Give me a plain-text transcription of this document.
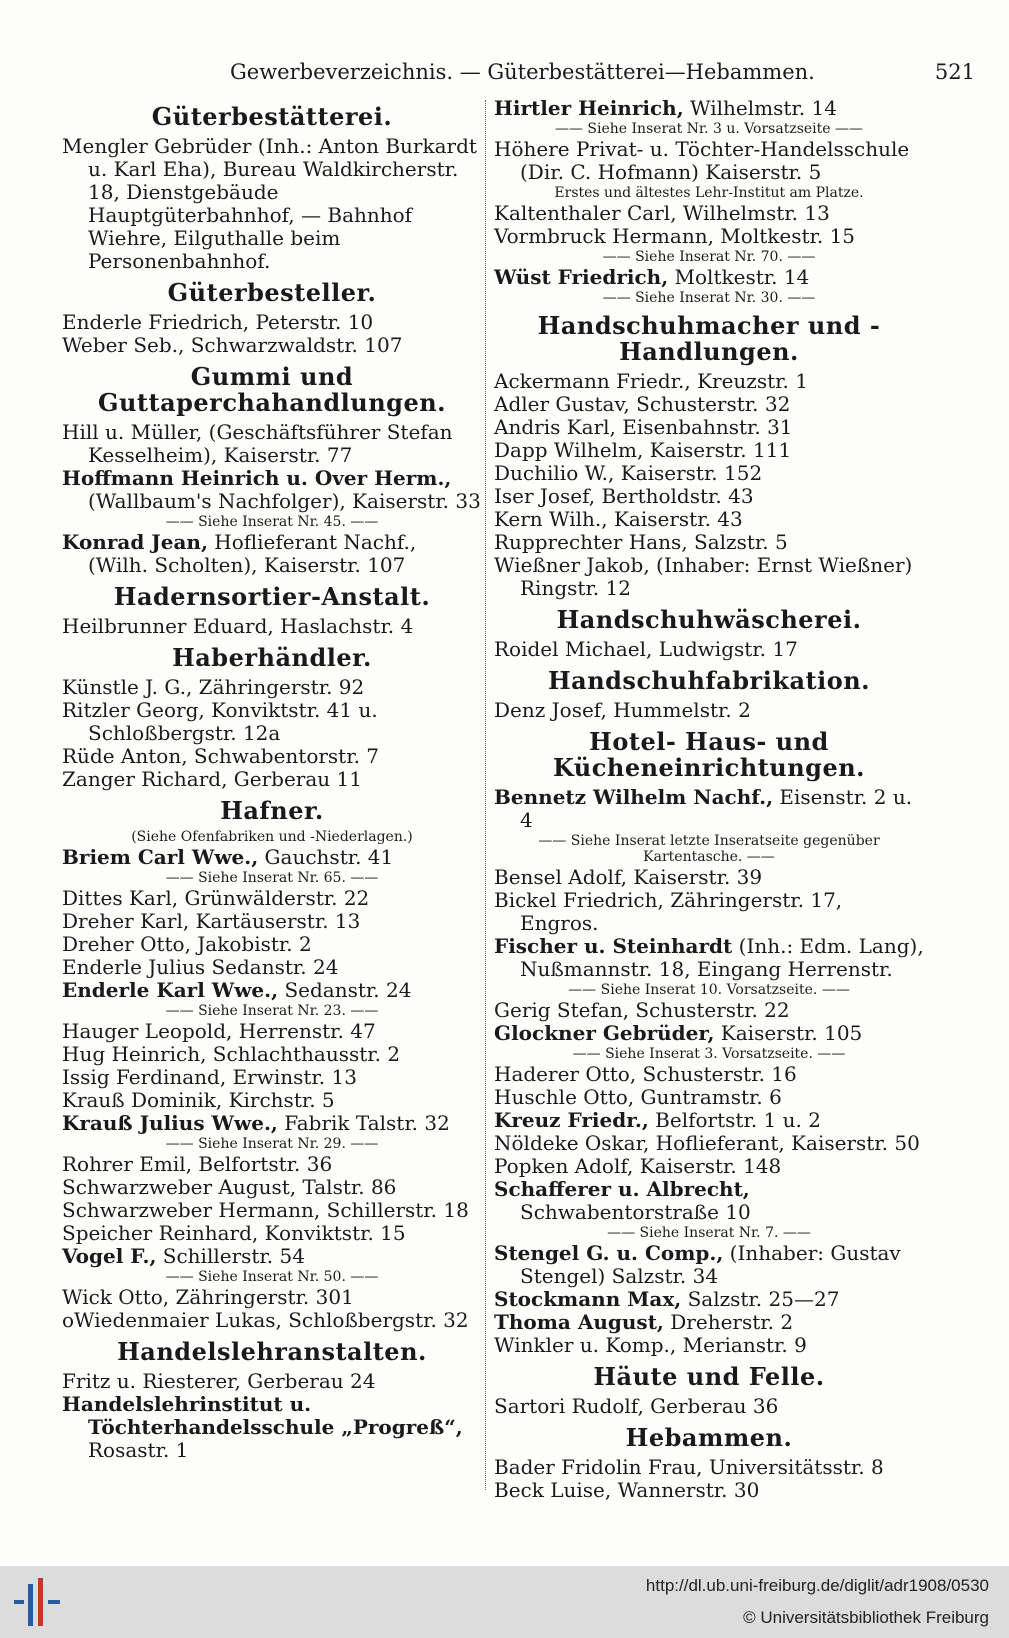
Gewerbeverzeichnis. — Güterbestätterei—Hebammen.	521
Güterbestätterei.
Mengler Gebrüder (Inh.: Anton Burkardt u. Karl Eha), Bureau Waldkircherstr. 18, Dienstgebäude Hauptgüterbahnhof, — Bahnhof Wiehre, Eilguthalle beim Personenbahnhof.
Güterbesteller.
Enderle Friedrich, Peterstr. 10
Weber Seb., Schwarzwaldstr. 107
Gummi und Guttaperchahandlungen.
Hill u. Müller, (Geschäftsführer Stefan Kesselheim), Kaiserstr. 77
Hoffmann Heinrich u. Over Herm., (Wallbaum's Nachfolger), Kaiserstr. 33
—— Siehe Inserat Nr. 45. ——
Konrad Jean, Hoflieferant Nachf., (Wilh. Scholten), Kaiserstr. 107
Hadernsortier-Anstalt.
Heilbrunner Eduard, Haslachstr. 4
Haberhändler.
Künstle J. G., Zähringerstr. 92
Ritzler Georg, Konviktstr. 41 u. Schloßbergstr. 12a
Rüde Anton, Schwabentorstr. 7
Zanger Richard, Gerberau 11
Hafner.
(Siehe Ofenfabriken und -Niederlagen.)
Briem Carl Wwe., Gauchstr. 41
—— Siehe Inserat Nr. 65. ——
Dittes Karl, Grünwälderstr. 22
Dreher Karl, Kartäuserstr. 13
Dreher Otto, Jakobistr. 2
Enderle Julius Sedanstr. 24
Enderle Karl Wwe., Sedanstr. 24
—— Siehe Inserat Nr. 23. ——
Hauger Leopold, Herrenstr. 47
Hug Heinrich, Schlachthausstr. 2
Issig Ferdinand, Erwinstr. 13
Krauß Dominik, Kirchstr. 5
Krauß Julius Wwe., Fabrik Talstr. 32
—— Siehe Inserat Nr. 29. ——
Rohrer Emil, Belfortstr. 36
Schwarzweber August, Talstr. 86
Schwarzweber Hermann, Schillerstr. 18
Speicher Reinhard, Konviktstr. 15
Vogel F., Schillerstr. 54
—— Siehe Inserat Nr. 50. ——
Wick Otto, Zähringerstr. 301
oWiedenmaier Lukas, Schloßbergstr. 32
Handelslehranstalten.
Fritz u. Riesterer, Gerberau 24
Handelslehrinstitut u. Töchterhandelsschule „Progreß“, Rosastr. 1
Hirtler Heinrich, Wilhelmstr. 14
—— Siehe Inserat Nr. 3 u. Vorsatzseite ——
Höhere Privat- u. Töchter-Handelsschule (Dir. C. Hofmann) Kaiserstr. 5
Erstes und ältestes Lehr-Institut am Platze.
Kaltenthaler Carl, Wilhelmstr. 13
Vormbruck Hermann, Moltkestr. 15
—— Siehe Inserat Nr. 70. ——
Wüst Friedrich, Moltkestr. 14
—— Siehe Inserat Nr. 30. ——
Handschuhmacher und -Handlungen.
Ackermann Friedr., Kreuzstr. 1
Adler Gustav, Schusterstr. 32
Andris Karl, Eisenbahnstr. 31
Dapp Wilhelm, Kaiserstr. 111
Duchilio W., Kaiserstr. 152
Iser Josef, Bertholdstr. 43
Kern Wilh., Kaiserstr. 43
Rupprechter Hans, Salzstr. 5
Wießner Jakob, (Inhaber: Ernst Wießner) Ringstr. 12
Handschuhwäscherei.
Roidel Michael, Ludwigstr. 17
Handschuhfabrikation.
Denz Josef, Hummelstr. 2
Hotel- Haus- und Kücheneinrichtungen.
Bennetz Wilhelm Nachf., Eisenstr. 2 u. 4
—— Siehe Inserat letzte Inseratseite gegenüber Kartentasche. ——
Bensel Adolf, Kaiserstr. 39
Bickel Friedrich, Zähringerstr. 17, Engros.
Fischer u. Steinhardt (Inh.: Edm. Lang), Nußmannstr. 18, Eingang Herrenstr.
—— Siehe Inserat 10. Vorsatzseite. ——
Gerig Stefan, Schusterstr. 22
Glockner Gebrüder, Kaiserstr. 105
—— Siehe Inserat 3. Vorsatzseite. ——
Haderer Otto, Schusterstr. 16
Huschle Otto, Guntramstr. 6
Kreuz Friedr., Belfortstr. 1 u. 2
Nöldeke Oskar, Hoflieferant, Kaiserstr. 50
Popken Adolf, Kaiserstr. 148
Schafferer u. Albrecht, Schwabentorstraße 10
—— Siehe Inserat Nr. 7. ——
Stengel G. u. Comp., (Inhaber: Gustav Stengel) Salzstr. 34
Stockmann Max, Salzstr. 25—27
Thoma August, Dreherstr. 2
Winkler u. Komp., Merianstr. 9
Häute und Felle.
Sartori Rudolf, Gerberau 36
Hebammen.
Bader Fridolin Frau, Universitätsstr. 8
Beck Luise, Wannerstr. 30
http://dl.ub.uni-freiburg.de/diglit/adr1908/0530
© Universitätsbibliothek Freiburg
